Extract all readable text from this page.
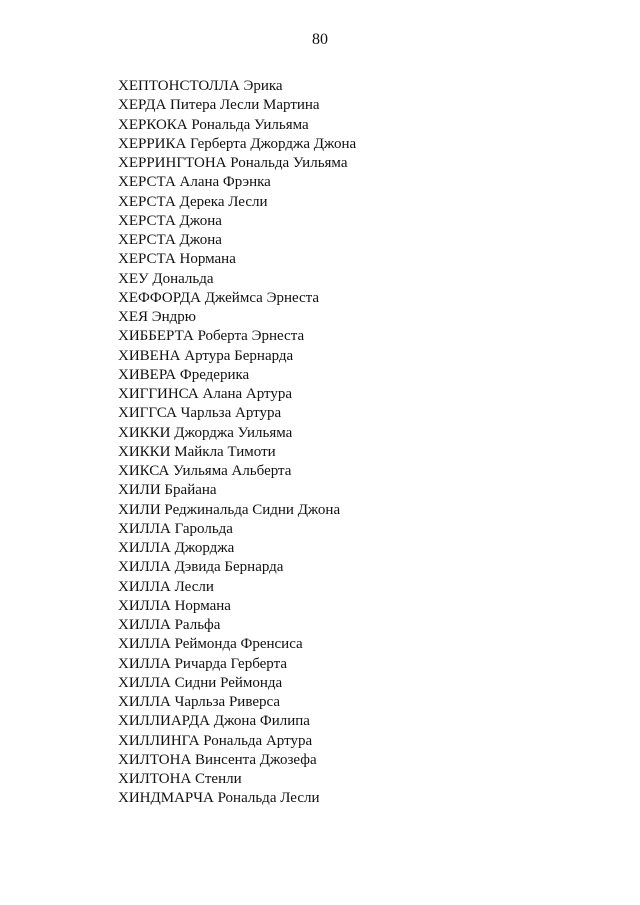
80
ХЕПТОНСТОЛЛА Эрика
ХЕРДА Питера Лесли Мартина
ХЕРКОКА Рональда Уильяма
ХЕРРИКА Герберта Джорджа Джона
ХЕРРИНГТОНА Рональда Уильяма
ХЕРСТА Алана Фрэнка
ХЕРСТА Дерека Лесли
ХЕРСТА Джона
ХЕРСТА Джона
ХЕРСТА Нормана
ХЕУ Дональда
ХЕФФОРДА Джеймса Эрнеста
ХЕЯ Эндрю
ХИББЕРТА Роберта Эрнеста
ХИВЕНА Артура Бернарда
ХИВЕРА Фредерика
ХИГГИНСА Алана Артура
ХИГГСА Чарльза Артура
ХИККИ Джорджа Уильяма
ХИККИ Майкла Тимоти
ХИКСА Уильяма Альберта
ХИЛИ Брайана
ХИЛИ Реджинальда Сидни Джона
ХИЛЛА Гарольда
ХИЛЛА Джорджа
ХИЛЛА Дэвида Бернарда
ХИЛЛА Лесли
ХИЛЛА Нормана
ХИЛЛА Ральфа
ХИЛЛА Реймонда Френсиса
ХИЛЛА Ричарда Герберта
ХИЛЛА Сидни Реймонда
ХИЛЛА Чарльза Риверса
ХИЛЛИАРДА Джона Филипа
ХИЛЛИНГА Рональда Артура
ХИЛТОНА Винсента Джозефа
ХИЛТОНА Стенли
ХИНДМАРЧА Рональда Лесли
